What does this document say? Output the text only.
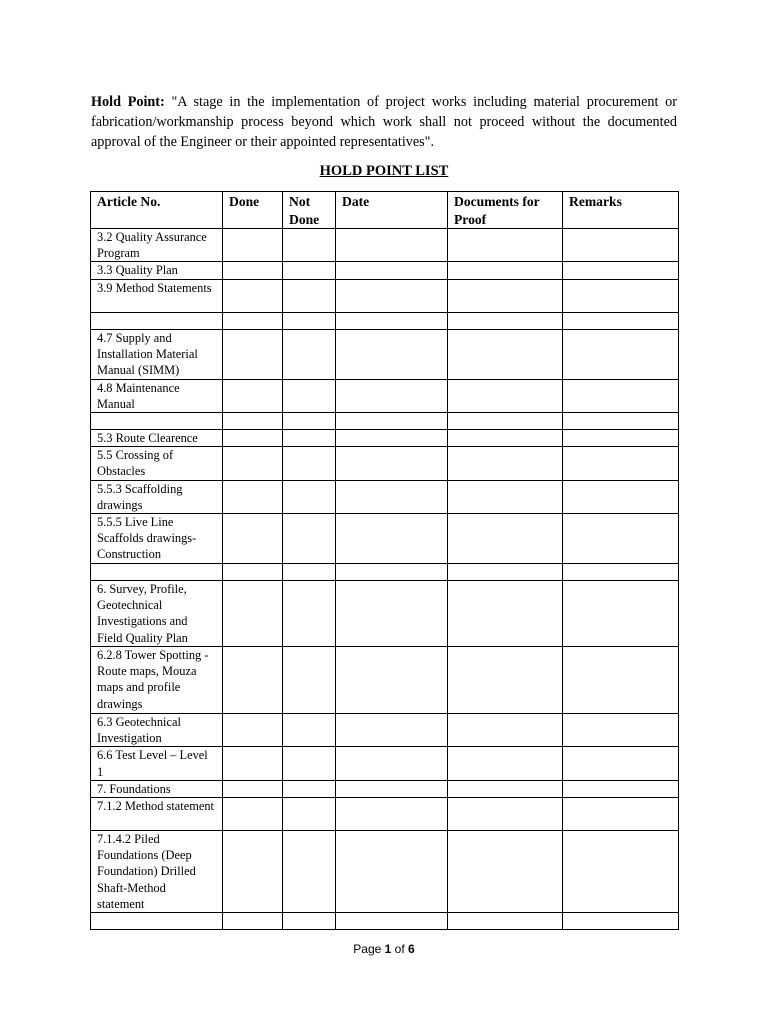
Hold Point: "A stage in the implementation of project works including material procurement or fabrication/workmanship process beyond which work shall not proceed without the documented approval of the Engineer or their appointed representatives".

HOLD POINT LIST
Article No.	Done	Not Done	Date	Documents for Proof	Remarks
3.2 Quality Assurance Program					
3.3 Quality Plan					
3.9 Method Statements					

4.7 Supply and Installation Material Manual (SIMM)					
4.8 Maintenance Manual					

5.3 Route Clearence					
5.5 Crossing of Obstacles					
5.5.3 Scaffolding drawings					
5.5.5 Live Line Scaffolds drawings-Construction					

6. Survey, Profile, Geotechnical Investigations and Field Quality Plan					
6.2.8 Tower Spotting - Route maps, Mouza maps and profile drawings					
6.3 Geotechnical Investigation					
6.6 Test Level – Level 1					
7. Foundations					
7.1.2 Method statement					
7.1.4.2 Piled Foundations (Deep Foundation) Drilled Shaft-Method statement					

Page 1 of 6
